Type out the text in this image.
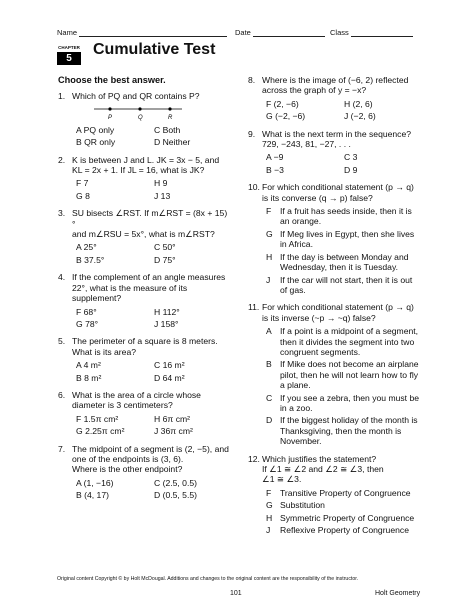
Name	Date	Class
CHAPTER
5
Cumulative Test
Choose the best answer.
1. Which of PQ and QR contains P?
P	Q	R
A PQ only	C Both
B QR only	D Neither
2. K is between J and L. JK = 3x − 5, and
KL = 2x + 1. If JL = 16, what is JK?
F 7	H 9
G 8	J 13
3. SU bisects ∠RST. If m∠RST = (8x + 15)°
and m∠RSU = 5x°, what is m∠RST?
A 25°	C 50°
B 37.5°	D 75°
4. If the complement of an angle measures
22°, what is the measure of its
supplement?
F 68°	H 112°
G 78°	J 158°
5. The perimeter of a square is 8 meters.
What is its area?
A 4 m²	C 16 m²
B 8 m²	D 64 m²
6. What is the area of a circle whose
diameter is 3 centimeters?
F 1.5π cm²	H 6π cm²
G 2.25π cm²	J 36π cm²
7. The midpoint of a segment is (2, −5), and
one of the endpoints is (3, 6).
Where is the other endpoint?
A (1, −16)	C (2.5, 0.5)
B (4, 17)	D (0.5, 5.5)
8. Where is the image of (−6, 2) reflected
across the graph of y = −x?
F (2, −6)	H (2, 6)
G (−2, −6)	J (−2, 6)
9. What is the next term in the sequence?
729, −243, 81, −27, . . .
A −9	C 3
B −3	D 9
10. For which conditional statement (p → q)
is its converse (q → p) false?
F	If a fruit has seeds inside, then it is
an orange.
G If Meg lives in Egypt, then she lives
in Africa.
H If the day is between Monday and
Wednesday, then it is Tuesday.
J	If the car will not start, then it is out
of gas.
11. For which conditional statement (p → q)
is its inverse (~p → ~q) false?
A If a point is a midpoint of a segment,
then it divides the segment into two
congruent segments.
B If Mike does not become an airplane
pilot, then he will not learn how to fly
a plane.
C If you see a zebra, then you must be
in a zoo.
D If the biggest holiday of the month is
Thanksgiving, then the month is
November.
12. Which justifies the statement?
If ∠1 ≅ ∠2 and ∠2 ≅ ∠3, then
∠1 ≅ ∠3.
F	Transitive Property of Congruence
G Substitution
H Symmetric Property of Congruence
J	Reflexive Property of Congruence
Original content Copyright © by Holt McDougal. Additions and changes to the original content are the responsibility of the instructor.
101	Holt Geometry
